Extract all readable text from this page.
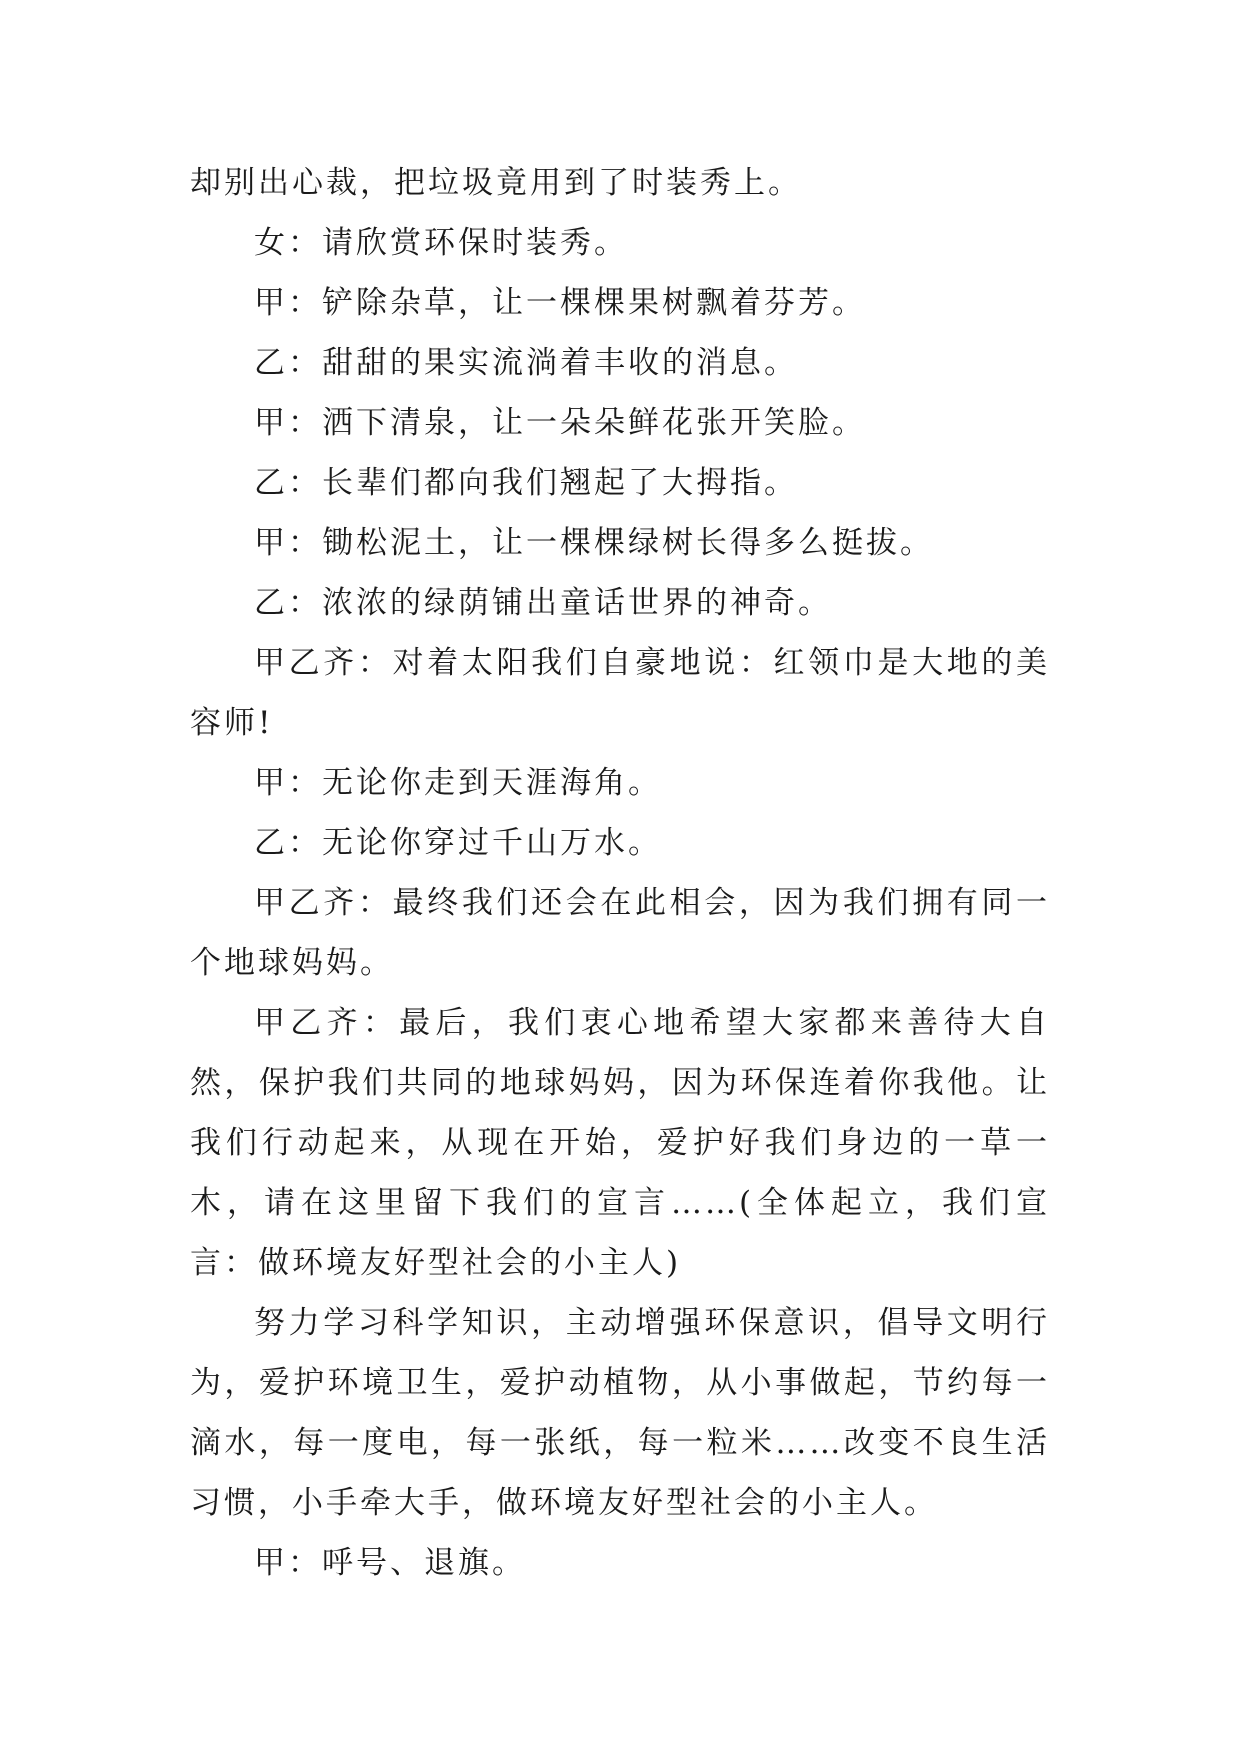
却别出心裁，把垃圾竟用到了时装秀上。

女：请欣赏环保时装秀。

甲：铲除杂草，让一棵棵果树飘着芬芳。

乙：甜甜的果实流淌着丰收的消息。

甲：洒下清泉，让一朵朵鲜花张开笑脸。

乙：长辈们都向我们翘起了大拇指。

甲：锄松泥土，让一棵棵绿树长得多么挺拔。

乙：浓浓的绿荫铺出童话世界的神奇。

甲乙齐：对着太阳我们自豪地说：红领巾是大地的美容师!

甲：无论你走到天涯海角。

乙：无论你穿过千山万水。

甲乙齐：最终我们还会在此相会，因为我们拥有同一个地球妈妈。

甲乙齐：最后，我们衷心地希望大家都来善待大自然，保护我们共同的地球妈妈，因为环保连着你我他。让我们行动起来，从现在开始，爱护好我们身边的一草一木，请在这里留下我们的宣言……(全体起立，我们宣言：做环境友好型社会的小主人)

努力学习科学知识，主动增强环保意识，倡导文明行为，爱护环境卫生，爱护动植物，从小事做起，节约每一滴水，每一度电，每一张纸，每一粒米……改变不良生活习惯，小手牵大手，做环境友好型社会的小主人。

甲：呼号、退旗。
